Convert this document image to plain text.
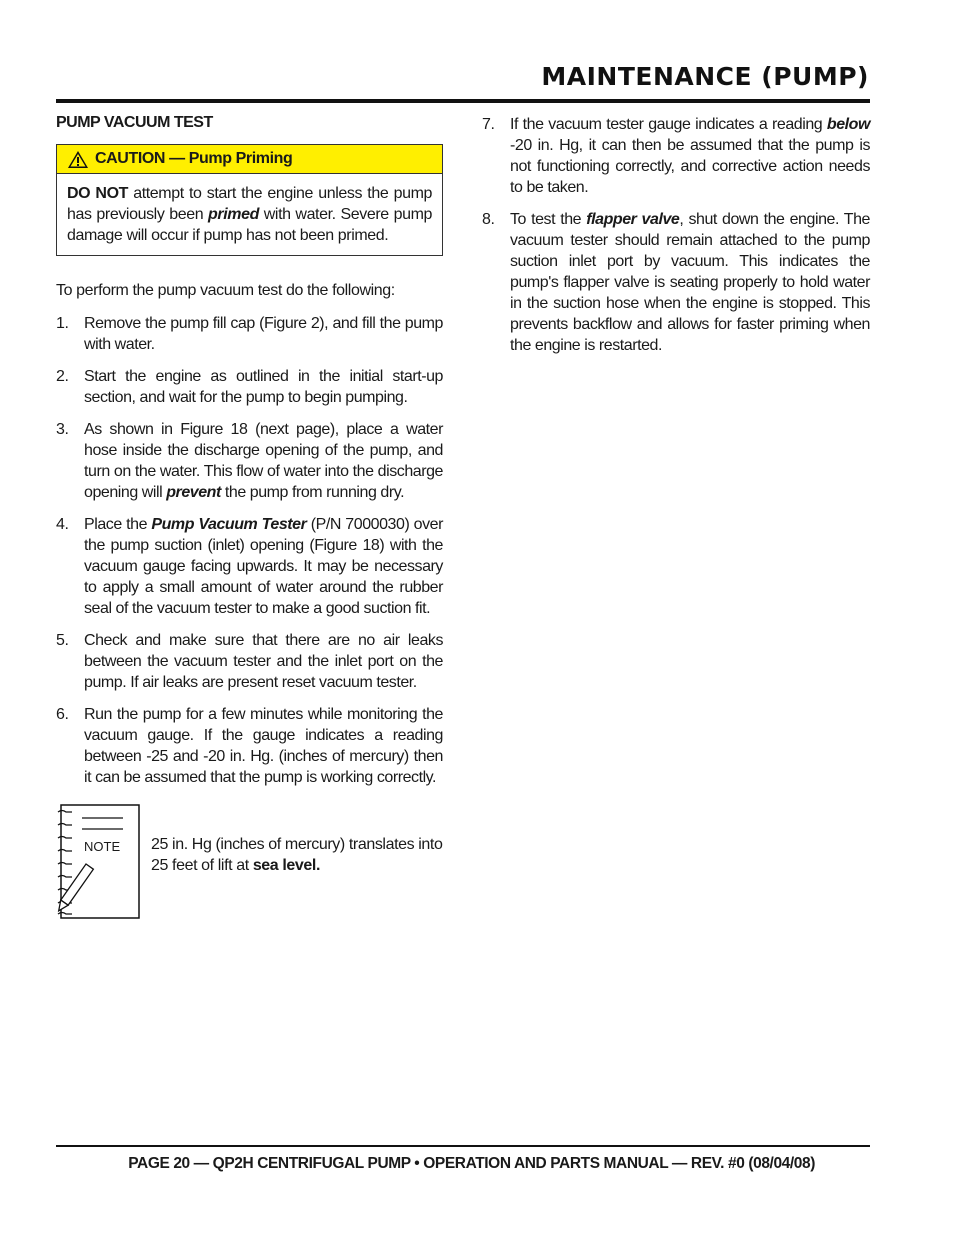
MAINTENANCE (PUMP)
PUMP VACUUM TEST
CAUTION — Pump Priming
DO NOT attempt to start the engine unless the pump has previously been primed with water. Severe pump damage will occur if pump has not been primed.

To perform the pump vacuum test do the following:

1. Remove the pump fill cap (Figure 2), and fill the pump with water.
2. Start the engine as outlined in the initial start-up section, and wait for the pump to begin pumping.
3. As shown in Figure 18 (next page), place a water hose inside the discharge opening of the pump, and turn on the water. This flow of water into the discharge opening will prevent the pump from running dry.
4. Place the Pump Vacuum Tester (P/N 7000030) over the pump suction (inlet) opening (Figure 18) with the vacuum gauge facing upwards. It may be necessary to apply a small amount of water around the rubber seal of the vacuum tester to make a good suction fit.
5. Check and make sure that there are no air leaks between the vacuum tester and the inlet port on the pump. If air leaks are present reset vacuum tester.
6. Run the pump for a few minutes while monitoring the vacuum gauge. If the gauge indicates a reading between -25 and -20 in. Hg. (inches of mercury) then it can be assumed that the pump is working correctly.
$_{NOTE}$ 25 in. Hg (inches of mercury) translates into 25 feet of lift at sea level.
7. If the vacuum tester gauge indicates a reading below -20 in. Hg, it can then be assumed that the pump is not functioning correctly, and corrective action needs to be taken.
8. To test the flapper valve, shut down the engine. The vacuum tester should remain attached to the pump suction inlet port by vacuum. This indicates the pump's flapper valve is seating properly to hold water in the suction hose when the engine is stopped. This prevents backflow and allows for faster priming when the engine is restarted.
PAGE 20 — QP2H CENTRIFUGAL PUMP • OPERATION AND PARTS MANUAL — REV. #0 (08/04/08)
